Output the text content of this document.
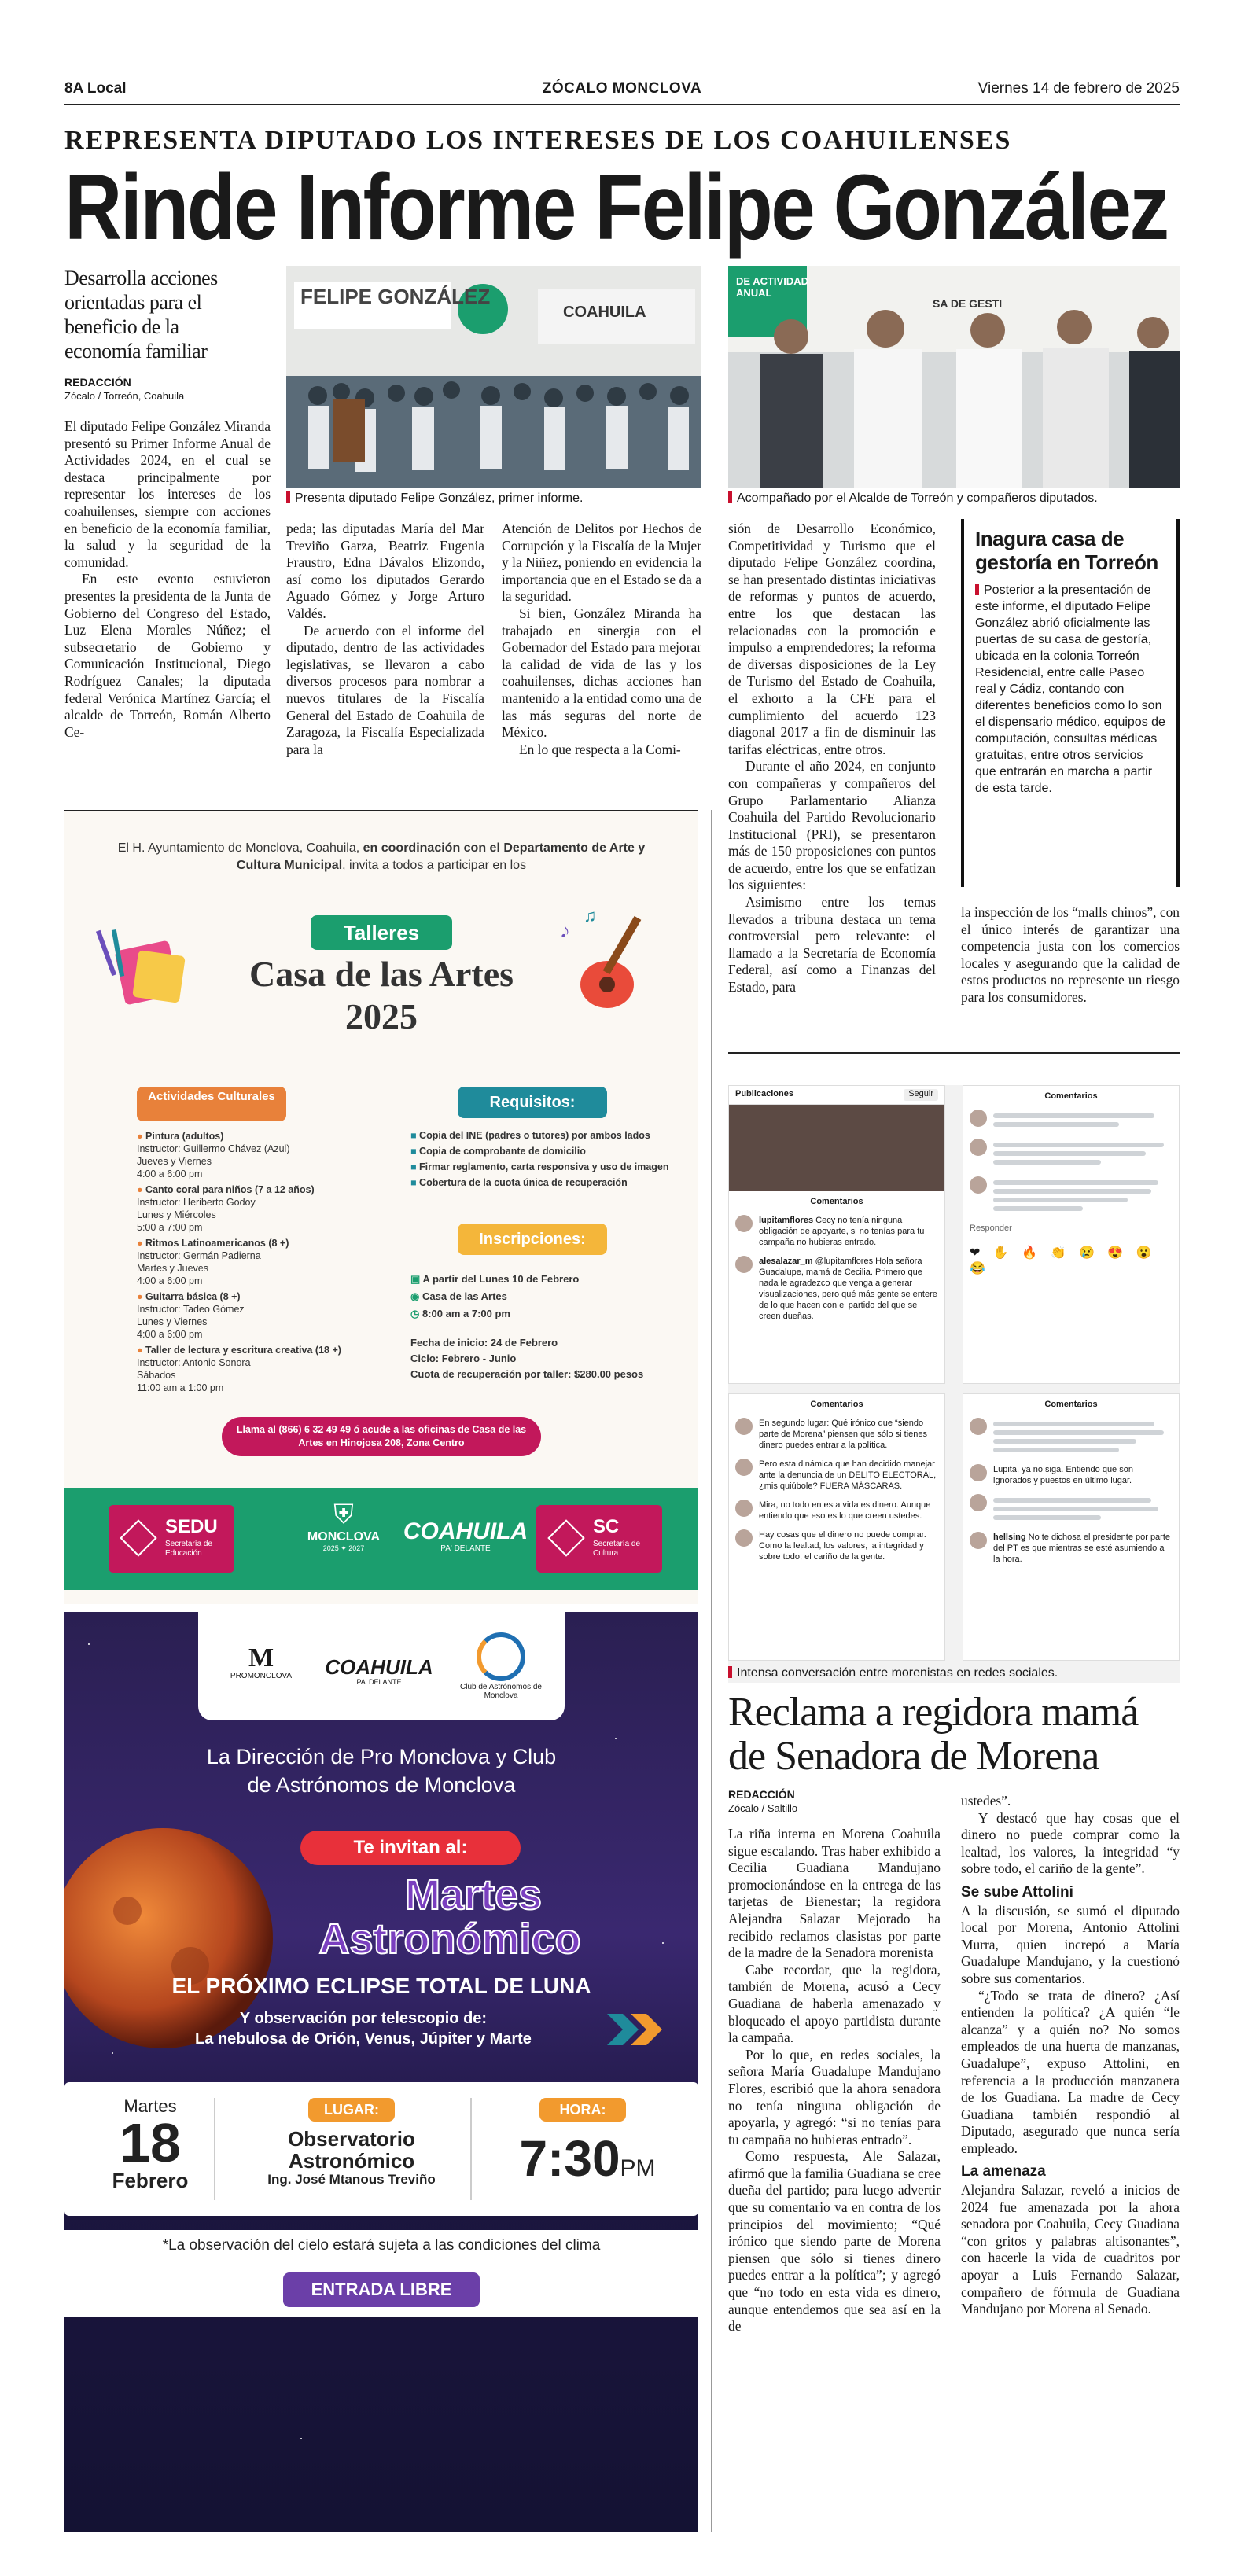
8A Local	ZÓCALO MONCLOVA	Viernes 14 de febrero de 2025
REPRESENTA DIPUTADO LOS INTERESES DE LOS COAHUILENSES
Rinde Informe Felipe González
Desarrolla acciones orientadas para el beneficio de la economía familiar
REDACCIÓN
Zócalo / Torreón, Coahuila

El diputado Felipe González Miranda presentó su Primer Informe Anual de Actividades 2024, en el cual se destaca principalmente por representar los intereses de los coahuilenses, siempre con acciones en beneficio de la economía familiar, la salud y la seguridad de la comunidad.

En este evento estuvieron presentes la presidenta de la Junta de Gobierno del Congreso del Estado, Luz Elena Morales Núñez; el subsecretario de Gobierno y Comunicación Institucional, Diego Rodríguez Canales; la diputada federal Verónica Martínez García; el alcalde de Torreón, Román Alberto Ce-

FELIPE GONZÁLEZ
COAHUILA
Presenta diputado Felipe González, primer informe.
DE ACTIVIDAD
ANUAL
SA DE GESTI
Acompañado por el Alcalde de Torreón y compañeros diputados.

peda; las diputadas María del Mar Treviño Garza, Beatriz Eugenia Fraustro, Edna Dávalos Elizondo, así como los diputados Gerardo Aguado Gómez y Jorge Arturo Valdés.

De acuerdo con el informe del diputado, dentro de las actividades legislativas, se llevaron a cabo diversos procesos para nombrar a nuevos titulares de la Fiscalía General del Estado de Coahuila de Zaragoza, la Fiscalía Especializada para la

Atención de Delitos por Hechos de Corrupción y la Fiscalía de la Mujer y la Niñez, poniendo en evidencia la importancia que en el Estado se da a la seguridad.

Si bien, González Miranda ha trabajado en sinergia con el Gobernador del Estado para mejorar la calidad de vida de las y los coahuilenses, dichas acciones han mantenido a la entidad como una de las más seguras del norte de México.

En lo que respecta a la Comi-

sión de Desarrollo Económico, Competitividad y Turismo que el diputado Felipe González coordina, se han presentado distintas iniciativas de reformas y puntos de acuerdo, entre los que destacan las relacionadas con la promoción e impulso a emprendedores; la reforma de diversas disposiciones de la Ley de Turismo del Estado de Coahuila, el exhorto a la CFE para el cumplimiento del acuerdo 123 diagonal 2017 a fin de disminuir las tarifas eléctricas, entre otros.

Durante el año 2024, en conjunto con compañeras y compañeros del Grupo Parlamentario Alianza Coahuila del Partido Revolucionario Institucional (PRI), se presentaron más de 150 proposiciones con puntos de acuerdo, entre los que se enfatizan los siguientes:

Asimismo entre los temas llevados a tribuna destaca un tema controversial pero relevante: el llamado a la Secretaría de Economía Federal, así como a Finanzas del Estado, para

Inagura casa de gestoría en Torreón
Posterior a la presentación de este informe, el diputado Felipe González abrió oficialmente las puertas de su casa de gestoría, ubicada en la colonia Torreón Residencial, entre calle Paseo real y Cádiz, contando con diferentes beneficios como lo son el dispensario médico, equipos de computación, consultas médicas gratuitas, entre otros servicios que entrarán en marcha a partir de esta tarde.

la inspección de los “malls chinos”, con el único interés de garantizar una competencia justa con los comercios locales y asegurando que la calidad de estos productos no represente un riesgo para los consumidores.

El H. Ayuntamiento de Monclova, Coahuila, en coordinación con el Departamento de Arte y Cultura Municipal, invita a todos a participar en los
Talleres
Casa de las Artes
2025
♪
♫
Actividades Culturales
● Pintura (adultos)
Instructor: Guillermo Chávez (Azul)
Jueves y Viernes
4:00 a 6:00 pm
● Canto coral para niños (7 a 12 años)
Instructor: Heriberto Godoy
Lunes y Miércoles
5:00 a 7:00 pm
● Ritmos Latinoamericanos (8 +)
Instructor: Germán Padierna
Martes y Jueves
4:00 a 6:00 pm
● Guitarra básica (8 +)
Instructor: Tadeo Gómez
Lunes y Viernes
4:00 a 6:00 pm
● Taller de lectura y escritura creativa (18 +)
Instructor: Antonio Sonora
Sábados
11:00 am a 1:00 pm
Requisitos:
■ Copia del INE (padres o tutores) por ambos lados
■ Copia de comprobante de domicilio
■ Firmar reglamento, carta responsiva y uso de imagen
■ Cobertura de la cuota única de recuperación
Inscripciones:
▣ A partir del Lunes 10 de Febrero
◉ Casa de las Artes
◷ 8:00 am a 7:00 pm
Fecha de inicio: 24 de Febrero
Ciclo: Febrero - Junio
Cuota de recuperación por taller: $280.00 pesos
Llama al (866) 6 32 49 49 ó acude a las oficinas de Casa de las Artes en Hinojosa 208, Zona Centro
SEDU
Secretaría de Educación
⛨
MONCLOVA
2025 ✦ 2027
COAHUILA
PA' DELANTE
SC
Secretaría de Cultura
M
PROMONCLOVA	COAHUILA
PA' DELANTE
Club de Astrónomos de Monclova
La Dirección de Pro Monclova y Club de Astrónomos de Monclova
Te invitan al:
Martes
Astronómico
EL PRÓXIMO ECLIPSE TOTAL DE LUNA
Y observación por telescopio de:
La nebulosa de Orión, Venus, Júpiter y Marte
Martes
18
Febrero
LUGAR:
Observatorio
Astronómico
Ing. José Mtanous Treviño
HORA:
7:30PM
*La observación del cielo estará sujeta a las condiciones del clima
ENTRADA LIBRE
Publicaciones	Seguir
Comentarios
lupitamflores Cecy no tenía ninguna obligación de apoyarte, si no tenías para tu campaña no hubieras entrado.
alesalazar_m @lupitamflores Hola señora Guadalupe, mamá de Cecilia. Primero que nada le agradezco que venga a generar visualizaciones, pero qué más gente se entere de lo que hacen con el partido del que se creen dueñas.
Comentarios
Responder
❤ ✋ 🔥 👏 😢 😍 😮 😂
Comentarios
En segundo lugar: Qué irónico que “siendo parte de Morena” piensen que sólo si tienes dinero puedes entrar a la política.
Pero esta dinámica que han decidido manejar ante la denuncia de un DELITO ELECTORAL, ¿mis quiúbole? FUERA MÁSCARAS.
Mira, no todo en esta vida es dinero. Aunque entiendo que eso es lo que creen ustedes.
Hay cosas que el dinero no puede comprar. Como la lealtad, los valores, la integridad y sobre todo, el cariño de la gente.
Comentarios
Lupita, ya no siga. Entiendo que son ignorados y puestos en último lugar.
hellsing No te dichosa el presidente por parte del PT es que mientras se esté asumiendo a la hora.
Intensa conversación entre morenistas en redes sociales.
Reclama a regidora mamá de Senadora de Morena
REDACCIÓN
Zócalo / Saltillo

La riña interna en Morena Coahuila sigue escalando. Tras haber exhibido a Cecilia Guadiana Mandujano promocionándose en la entrega de las tarjetas de Bienestar; la regidora Alejandra Salazar Mejorado ha recibido reclamos clasistas por parte de la madre de la Senadora morenista

Cabe recordar, que la regidora, también de Morena, acusó a Cecy Guadiana de haberla amenazado y bloqueado el apoyo partidista durante la campaña.

Por lo que, en redes sociales, la señora María Guadalupe Mandujano Flores, escribió que la ahora senadora no tenía ninguna obligación de apoyarla, y agregó: “si no tenías para tu campaña no hubieras entrado”.

Como respuesta, Ale Salazar, afirmó que la familia Guadiana se cree dueña del partido; para luego advertir que su comentario va en contra de los principios del movimiento; “Qué irónico que siendo parte de Morena piensen que sólo si tienes dinero puedes entrar a la política”; y agregó que “no todo en esta vida es dinero, aunque entendemos que sea así en la de

ustedes”.

Y destacó que hay cosas que el dinero no puede comprar como la lealtad, los valores, la integridad “y sobre todo, el cariño de la gente”.

Se sube Attolini

A la discusión, se sumó el diputado local por Morena, Antonio Attolini Murra, quien increpó a María Guadalupe Mandujano, y la cuestionó sobre sus comentarios.

“¿Todo se trata de dinero? ¿Así entienden la política? ¿A quién “le alcanza” y a quién no? No somos empleados de una huerta de manzanas, Guadalupe”, expuso Attolini, en referencia a la producción manzanera de los Guadiana. La madre de Cecy Guadiana también respondió al Diputado, asegurado que nunca sería empleado.

La amenaza

Alejandra Salazar, reveló a inicios de 2024 fue amenazada por la ahora senadora por Coahuila, Cecy Guadiana “con gritos y palabras altisonantes”, con hacerle la vida de cuadritos por apoyar a Luis Fernando Salazar, compañero de fórmula de Guadiana Mandujano por Morena al Senado.
